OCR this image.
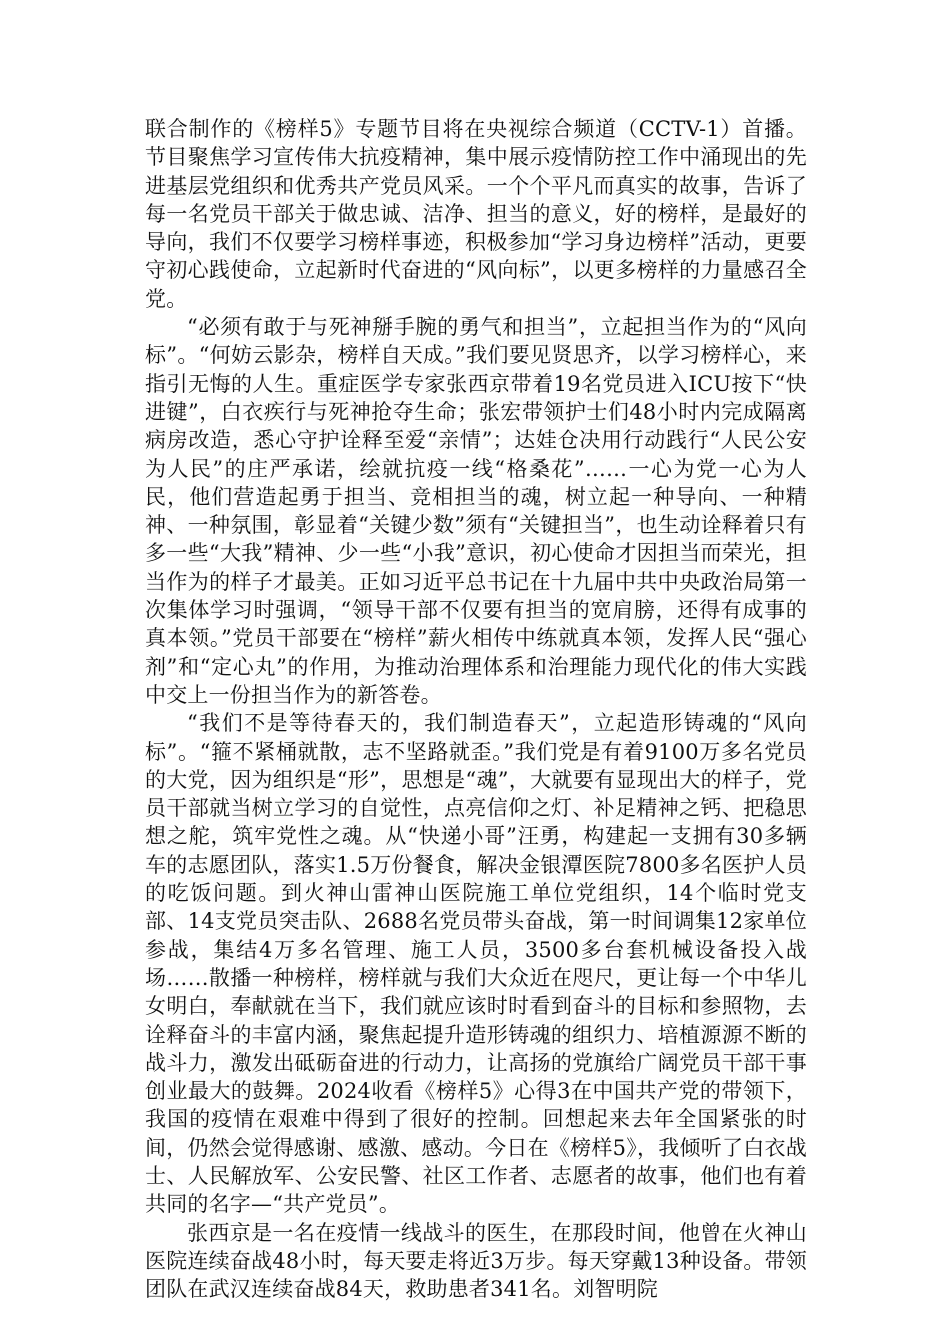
联合制作的《榜样5》专题节目将在央视综合频道（CCTV-1）首播。节目聚焦学习宣传伟大抗疫精神，集中展示疫情防控工作中涌现出的先进基层党组织和优秀共产党员风采。一个个平凡而真实的故事，告诉了每一名党员干部关于做忠诚、洁净、担当的意义，好的榜样，是最好的导向，我们不仅要学习榜样事迹，积极参加“学习身边榜样”活动，更要守初心践使命，立起新时代奋进的“风向标”，以更多榜样的力量感召全党。

“必须有敢于与死神掰手腕的勇气和担当”，立起担当作为的“风向标”。“何妨云影杂，榜样自天成。”我们要见贤思齐，以学习榜样心，来指引无悔的人生。重症医学专家张西京带着19名党员进入ICU按下“快进键”，白衣疾行与死神抢夺生命；张宏带领护士们48小时内完成隔离病房改造，悉心守护诠释至爱“亲情”；达娃仓决用行动践行“人民公安为人民”的庄严承诺，绘就抗疫一线“格桑花”……一心为党一心为人民，他们营造起勇于担当、竞相担当的魂，树立起一种导向、一种精神、一种氛围，彰显着“关键少数”须有“关键担当”，也生动诠释着只有多一些“大我”精神、少一些“小我”意识，初心使命才因担当而荣光，担当作为的样子才最美。正如习近平总书记在十九届中共中央政治局第一次集体学习时强调，“领导干部不仅要有担当的宽肩膀，还得有成事的真本领。”党员干部要在“榜样”薪火相传中练就真本领，发挥人民“强心剂”和“定心丸”的作用，为推动治理体系和治理能力现代化的伟大实践中交上一份担当作为的新答卷。

“我们不是等待春天的，我们制造春天”，立起造形铸魂的“风向标”。“箍不紧桶就散，志不坚路就歪。”我们党是有着9100万多名党员的大党，因为组织是“形”，思想是“魂”，大就要有显现出大的样子，党员干部就当树立学习的自觉性，点亮信仰之灯、补足精神之钙、把稳思想之舵，筑牢党性之魂。从“快递小哥”汪勇，构建起一支拥有30多辆车的志愿团队，落实1.5万份餐食，解决金银潭医院7800多名医护人员的吃饭问题。到火神山雷神山医院施工单位党组织，14个临时党支部、14支党员突击队、2688名党员带头奋战，第一时间调集12家单位参战，集结4万多名管理、施工人员，3500多台套机械设备投入战场……散播一种榜样，榜样就与我们大众近在咫尺，更让每一个中华儿女明白，奉献就在当下，我们就应该时时看到奋斗的目标和参照物，去诠释奋斗的丰富内涵，聚焦起提升造形铸魂的组织力、培植源源不断的战斗力，激发出砥砺奋进的行动力，让高扬的党旗给广阔党员干部干事创业最大的鼓舞。2024收看《榜样5》心得3在中国共产党的带领下，我国的疫情在艰难中得到了很好的控制。回想起来去年全国紧张的时间，仍然会觉得感谢、感激、感动。今日在《榜样5》，我倾听了白衣战士、人民解放军、公安民警、社区工作者、志愿者的故事，他们也有着共同的名字—“共产党员”。

张西京是一名在疫情一线战斗的医生，在那段时间，他曾在火神山医院连续奋战48小时，每天要走将近3万步。每天穿戴13种设备。带领团队在武汉连续奋战84天，救助患者341名。刘智明院
